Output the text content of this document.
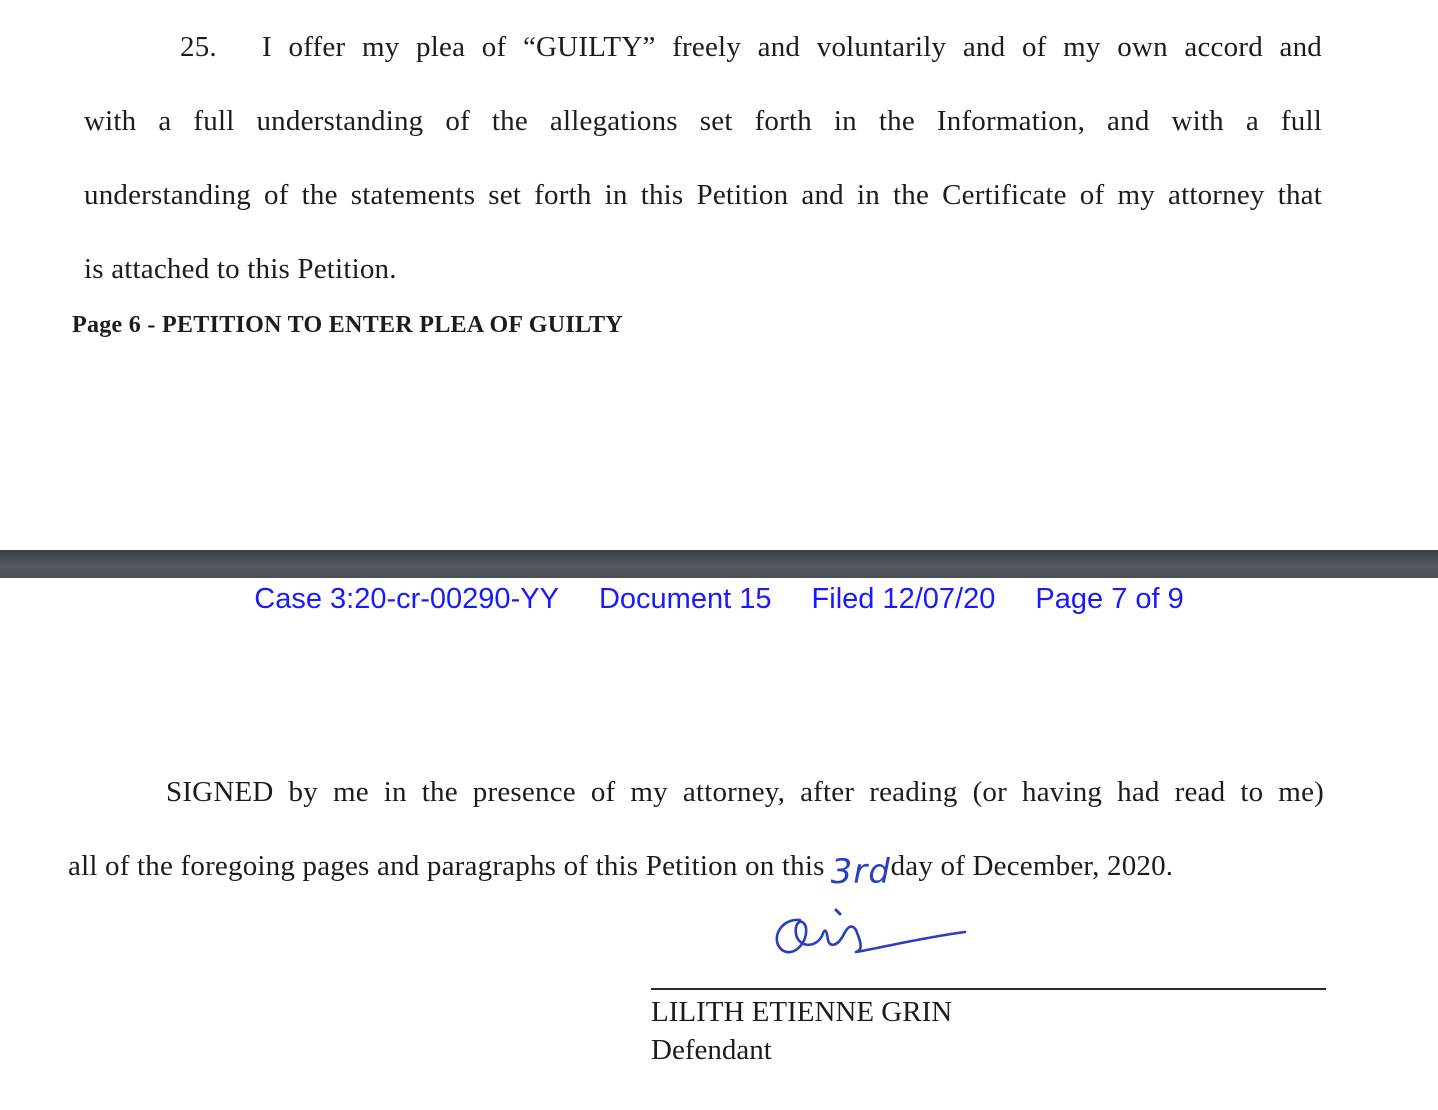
25. I offer my plea of “GUILTY” freely and voluntarily and of my own accord and
with a full understanding of the allegations set forth in the Information, and with a full
understanding of the statements set forth in this Petition and in the Certificate of my attorney that
is attached to this Petition.
Page 6 - PETITION TO ENTER PLEA OF GUILTY
Case 3:20-cr-00290-YY Document 15 Filed 12/07/20 Page 7 of 9
SIGNED by me in the presence of my attorney, after reading (or having had read to me)
all of the foregoing pages and paragraphs of this Petition on this 3rd day of December, 2020.
LILITH ETIENNE GRIN
Defendant
